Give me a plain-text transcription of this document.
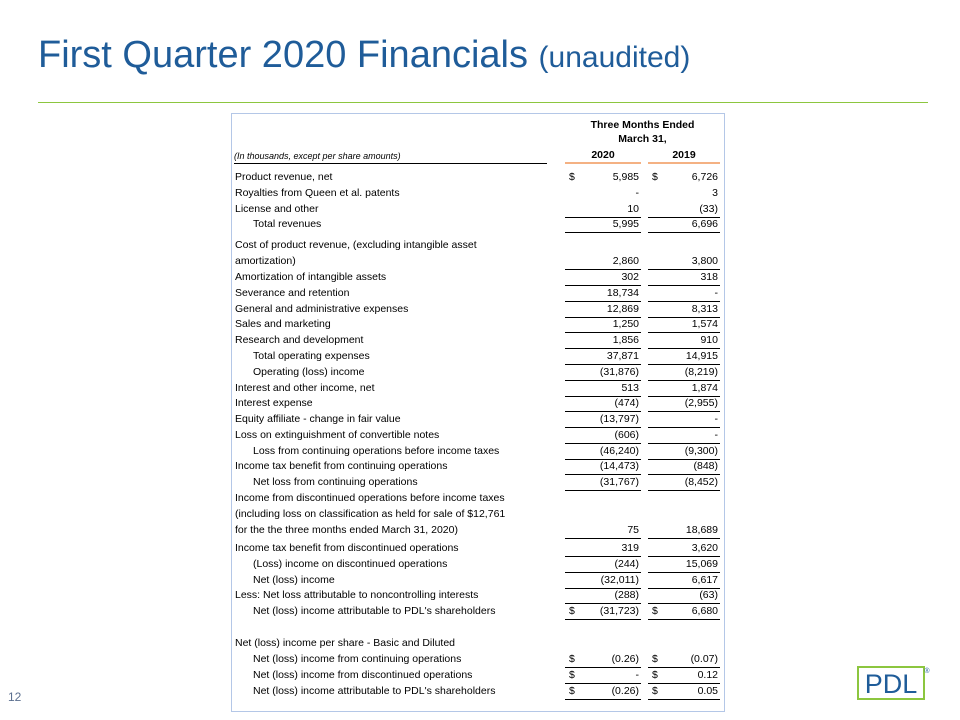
First Quarter 2020 Financials (unaudited)
Three Months Ended
March 31,
(In thousands, except per share amounts)	2020	2019
Product revenue, net	$	5,985 $	6,726
Royalties from Queen et al. patents	-	3
License and other	10	(33)
Total revenues	5,995	6,696
Cost of product revenue, (excluding intangible asset
amortization)	2,860	3,800
Amortization of intangible assets	302	318
Severance and retention	18,734	-
General and administrative expenses	12,869	8,313
Sales and marketing	1,250	1,574
Research and development	1,856	910
Total operating expenses	37,871	14,915
Operating (loss) income	(31,876)	(8,219)
Interest and other income, net	513	1,874
Interest expense	(474)	(2,955)
Equity affiliate - change in fair value	(13,797)	-
Loss on extinguishment of convertible notes	(606)	-
Loss from continuing operations before income taxes	(46,240)	(9,300)
Income tax benefit from continuing operations	(14,473)	(848)
Net loss from continuing operations	(31,767)	(8,452)
Income from discontinued operations before income taxes
(including loss on classification as held for sale of $12,761
for the the three months ended March 31, 2020)	75	18,689
Income tax benefit from discontinued operations	319	3,620
(Loss) income on discontinued operations	(244)	15,069
Net (loss) income	(32,011)	6,617
Less: Net loss attributable to noncontrolling interests	(288)	(63)
Net (loss) income attributable to PDL's shareholders	$ (31,723) $	6,680
Net (loss) income per share - Basic and Diluted
Net (loss) income from continuing operations	$	(0.26) $	(0.07)
Net (loss) income from discontinued operations	$	- $	0.12
Net (loss) income attributable to PDL's shareholders	$	(0.26) $	0.05
12	PDL ®
